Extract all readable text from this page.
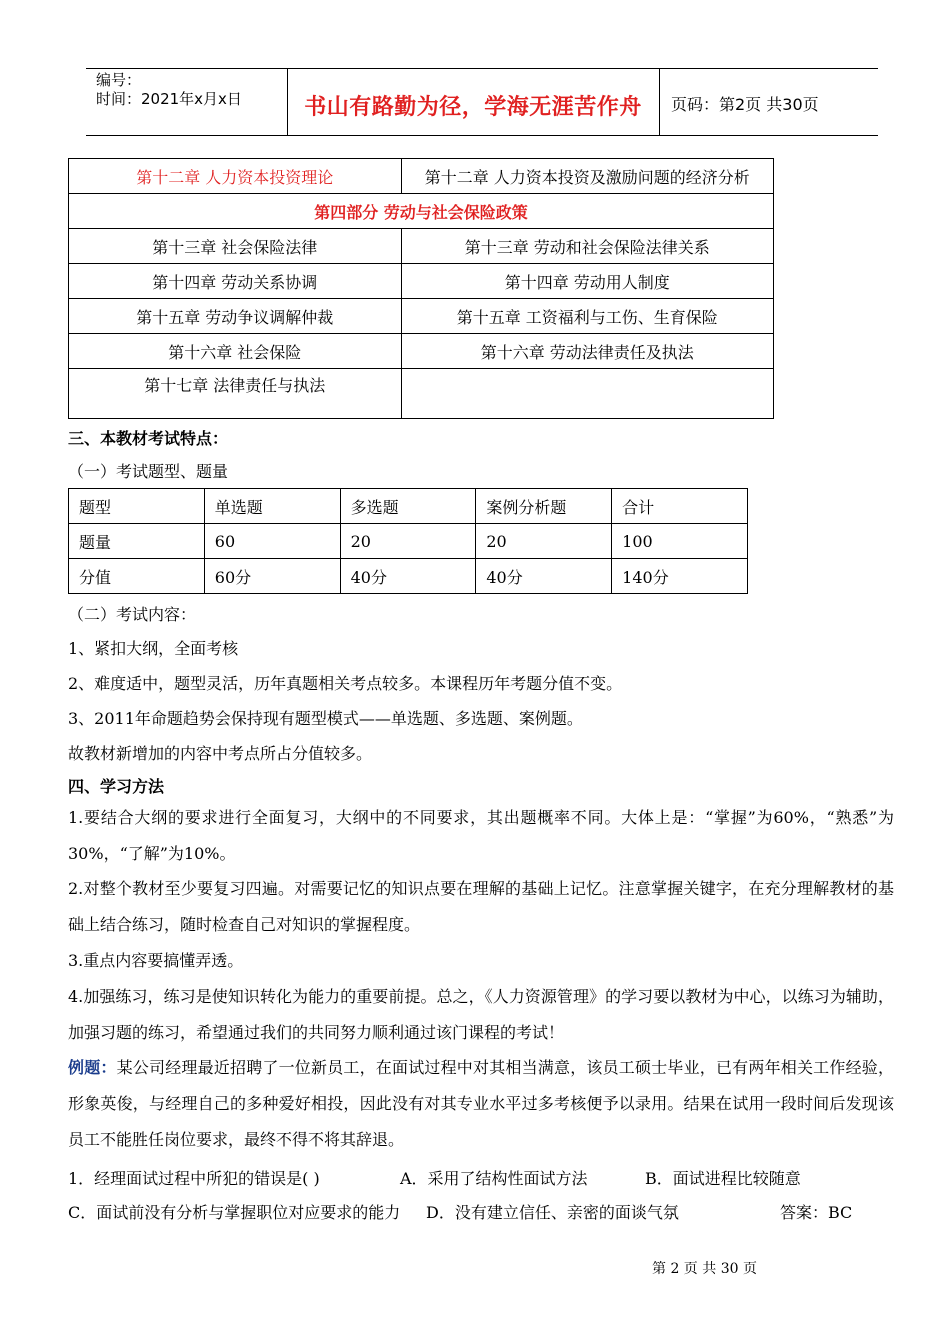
编号：
时间：2021年x月x日	书山有路勤为径，学海无涯苦作舟	页码：第2页 共30页
第十二章 人力资本投资理论	第十二章 人力资本投资及激励问题的经济分析
第四部分 劳动与社会保险政策	
第十三章 社会保险法律	第十三章 劳动和社会保险法律关系
第十四章 劳动关系协调	第十四章 劳动用人制度
第十五章 劳动争议调解仲裁	第十五章 工资福利与工伤、生育保险
第十六章 社会保险	第十六章 劳动法律责任及执法
第十七章 法律责任与执法	
三、本教材考试特点：
（一）考试题型、题量
题型	单选题	多选题	案例分析题	合计
题量	60	20	20	100
分值	60分	40分	40分	140分
（二）考试内容：
1、紧扣大纲，全面考核
2、难度适中，题型灵活，历年真题相关考点较多。本课程历年考题分值不变。
3、2011年命题趋势会保持现有题型模式——单选题、多选题、案例题。
故教材新增加的内容中考点所占分值较多。
四、学习方法
1.要结合大纲的要求进行全面复习，大纲中的不同要求，其出题概率不同。大体上是：“掌握”为60%，“熟悉”为30%，“了解”为10%。
2.对整个教材至少要复习四遍。对需要记忆的知识点要在理解的基础上记忆。注意掌握关键字，在充分理解教材的基础上结合练习，随时检查自己对知识的掌握程度。
3.重点内容要搞懂弄透。
4.加强练习，练习是使知识转化为能力的重要前提。总之，《人力资源管理》的学习要以教材为中心，以练习为辅助，加强习题的练习，希望通过我们的共同努力顺利通过该门课程的考试！
例题：某公司经理最近招聘了一位新员工，在面试过程中对其相当满意，该员工硕士毕业，已有两年相关工作经验，形象英俊，与经理自己的多种爱好相投，因此没有对其专业水平过多考核便予以录用。结果在试用一段时间后发现该员工不能胜任岗位要求，最终不得不将其辞退。
1．经理面试过程中所犯的错误是( )	A．采用了结构性面试方法	B．面试进程比较随意
C．面试前没有分析与掌握职位对应要求的能力 D．没有建立信任、亲密的面谈气氛	答案：BC
第 2 页 共 30 页
